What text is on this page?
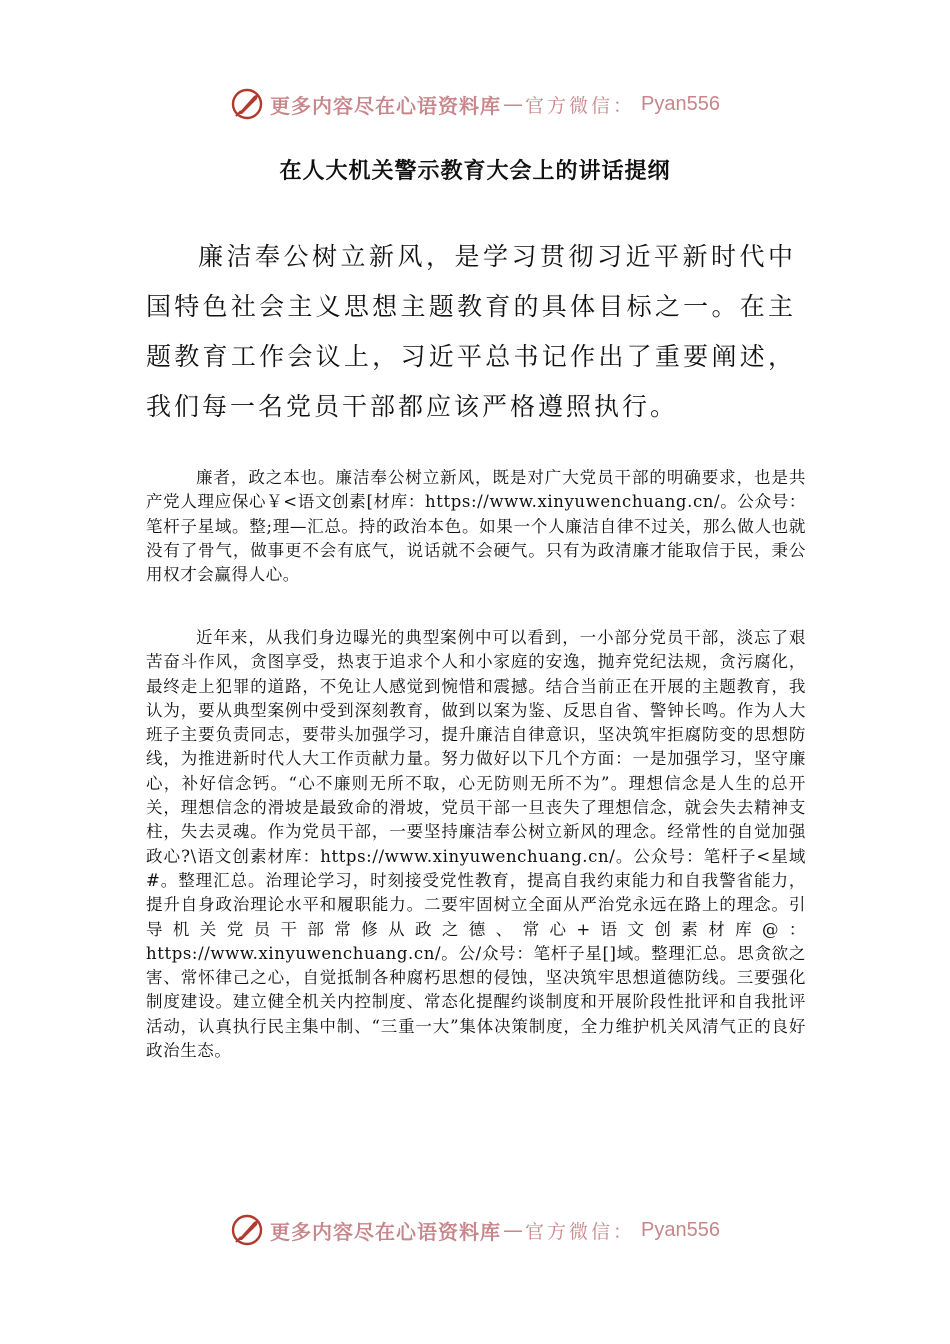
更多内容尽在心语资料库 — 官方微信： Pyan556
在人大机关警示教育大会上的讲话提纲

廉洁奉公树立新风，是学习贯彻习近平新时代中国特色社会主义思想主题教育的具体目标之一。在主题教育工作会议上，习近平总书记作出了重要阐述，我们每一名党员干部都应该严格遵照执行。

廉者，政之本也。廉洁奉公树立新风，既是对广大党员干部的明确要求，也是共产党人理应保心￥<语文创素[材库：https://www.xinyuwenchuang.cn/。公众号：笔杆子星域。整;理—汇总。持的政治本色。如果一个人廉洁自律不过关，那么做人也就没有了骨气，做事更不会有底气，说话就不会硬气。只有为政清廉才能取信于民，秉公用权才会赢得人心。

近年来，从我们身边曝光的典型案例中可以看到，一小部分党员干部，淡忘了艰苦奋斗作风，贪图享受，热衷于追求个人和小家庭的安逸，抛弃党纪法规，贪污腐化，最终走上犯罪的道路，不免让人感觉到惋惜和震撼。结合当前正在开展的主题教育，我认为，要从典型案例中受到深刻教育，做到以案为鉴、反思自省、警钟长鸣。作为人大班子主要负责同志，要带头加强学习，提升廉洁自律意识，坚决筑牢拒腐防变的思想防线，为推进新时代人大工作贡献力量。努力做好以下几个方面：一是加强学习，坚守廉心，补好信念钙。“心不廉则无所不取，心无防则无所不为”。理想信念是人生的总开关，理想信念的滑坡是最致命的滑坡，党员干部一旦丧失了理想信念，就会失去精神支柱，失去灵魂。作为党员干部，一要坚持廉洁奉公树立新风的理念。经常性的自觉加强政心?\语文创素材库：https://www.xinyuwenchuang.cn/。公众号：笔杆子<星域#。整理汇总。治理论学习，时刻接受党性教育，提高自我约束能力和自我警省能力，提升自身政治理论水平和履职能力。二要牢固树立全面从严治党永远在路上的理念。引导机关党员干部常修从政之德、常心+语文创素材库@：https://www.xinyuwenchuang.cn/。公/众号：笔杆子星[]域。整理汇总。思贪欲之害、常怀律己之心，自觉抵制各种腐朽思想的侵蚀，坚决筑牢思想道德防线。三要强化制度建设。建立健全机关内控制度、常态化提醒约谈制度和开展阶段性批评和自我批评活动，认真执行民主集中制、“三重一大”集体决策制度，全力维护机关风清气正的良好政治生态。

更多内容尽在心语资料库 — 官方微信： Pyan556
